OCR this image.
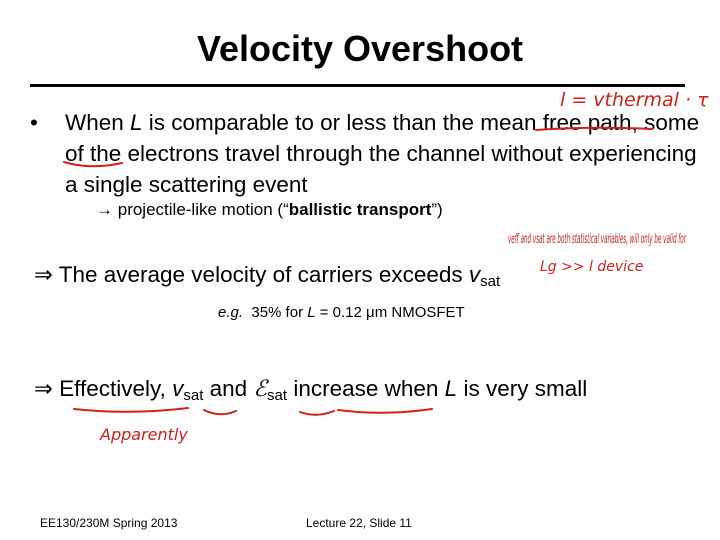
Velocity Overshoot
• When L is comparable to or less than the mean free path, some of the electrons travel through the channel without experiencing a single scattering event
→ projectile-like motion (“ballistic transport”)
⇒ The average velocity of carriers exceeds $v_{sat}$
e.g.  35% for L = 0.12 μm NMOSFET
⇒ Effectively, $v_{sat}$ and ℰ$_{sat}$ increase when L is very small
EE130/230M Spring 2013	Lecture 22, Slide 11
l = vthermal · τ
veff and vsat are both statistical variables, will only be valid for
Lg >> l device
Apparently
